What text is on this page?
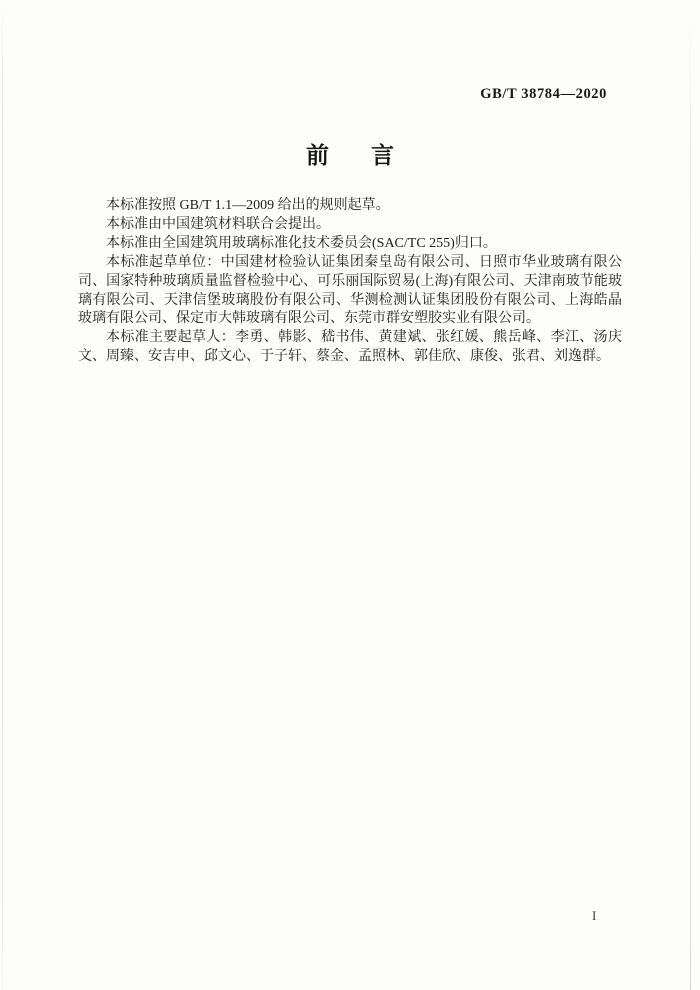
GB/T 38784—2020
前 言

本标准按照 GB/T 1.1—2009 给出的规则起草。

本标准由中国建筑材料联合会提出。

本标准由全国建筑用玻璃标准化技术委员会(SAC/TC 255)归口。

本标准起草单位：中国建材检验认证集团秦皇岛有限公司、日照市华业玻璃有限公司、国家特种玻璃质量监督检验中心、可乐丽国际贸易(上海)有限公司、天津南玻节能玻璃有限公司、天津信堡玻璃股份有限公司、华测检测认证集团股份有限公司、上海皓晶玻璃有限公司、保定市大韩玻璃有限公司、东莞市群安塑胶实业有限公司。

本标准主要起草人：李勇、韩影、嵇书伟、黄建斌、张红媛、熊岳峰、李江、汤庆文、周臻、安吉申、邱文心、于子轩、蔡金、孟照林、郭佳欣、康俊、张君、刘逸群。

I
